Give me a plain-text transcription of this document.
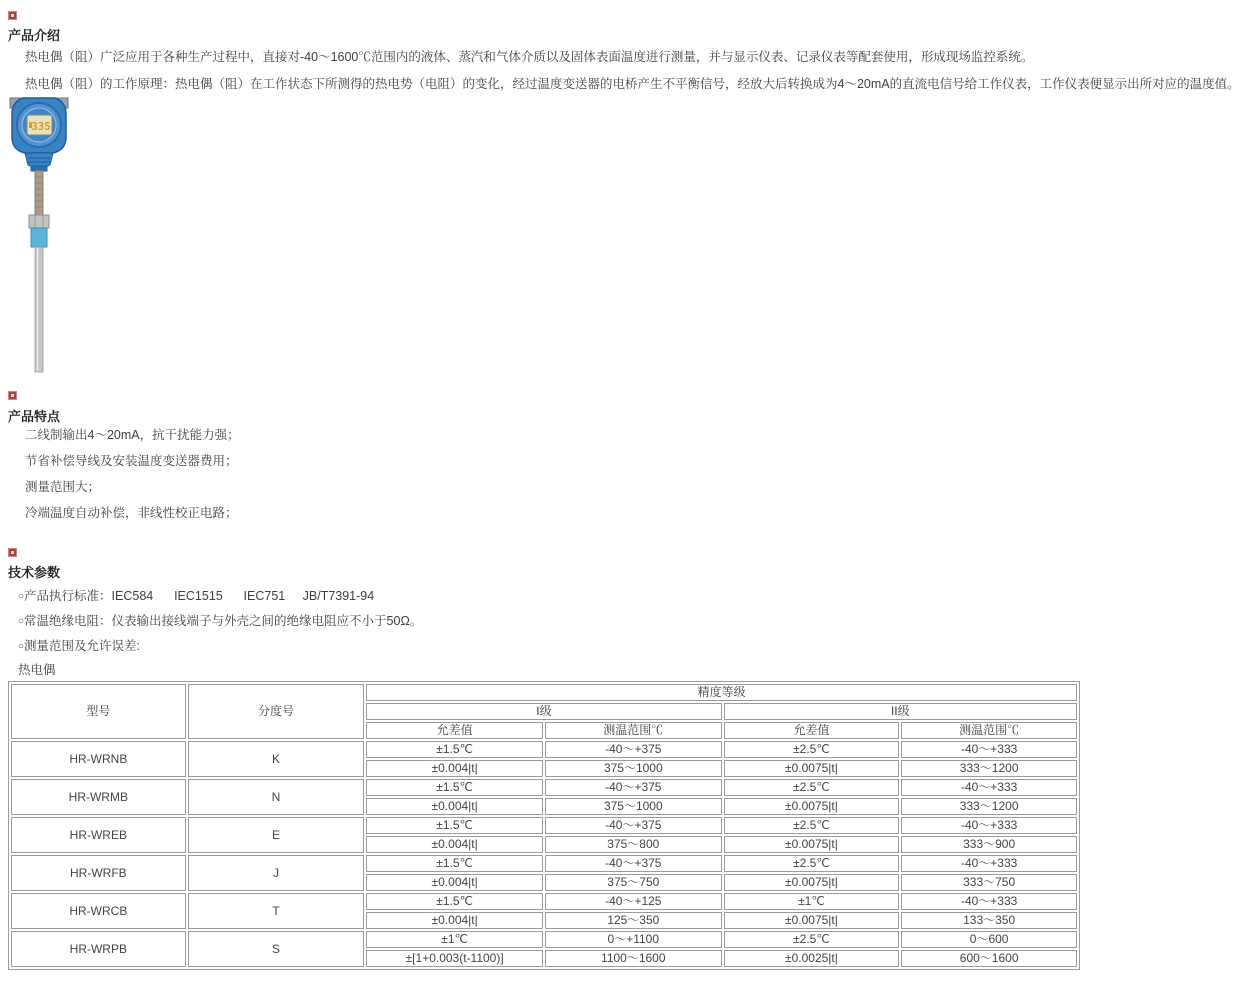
产品介绍
热电偶（阻）广泛应用于各种生产过程中，直接对-40～1600℃范围内的液体、蒸汽和气体介质以及固体表面温度进行测量，并与显示仪表、记录仪表等配套使用，形成现场监控系统。
热电偶（阻）的工作原理：热电偶（阻）在工作状态下所测得的热电势（电阻）的变化，经过温度变送器的电桥产生不平衡信号，经放大后转换成为4～20mA的直流电信号给工作仪表，工作仪表便显示出所对应的温度值。
335
产品特点
二线制输出4～20mA，抗干扰能力强；
节省补偿导线及安装温度变送器费用；
测量范围大；
冷端温度自动补偿，非线性校正电路；
技术参数
○产品执行标准：IEC584      IEC1515      IEC751     JB/T7391-94
○常温绝缘电阻：仪表输出接线端子与外壳之间的绝缘电阻应不小于50Ω。
○测量范围及允许误差:
热电偶
型号	分度号	精度等级			
		I级		II级	
		允差值	测温范围℃	允差值	测温范围℃
HR-WRNB	K	±1.5℃	-40～+375	±2.5℃	-40～+333
		±0.004|t|	375～1000	±0.0075|t|	333～1200
HR-WRMB	N	±1.5℃	-40～+375	±2.5℃	-40～+333
		±0.004|t|	375～1000	±0.0075|t|	333～1200
HR-WREB	E	±1.5℃	-40～+375	±2.5℃	-40～+333
		±0.004|t|	375～800	±0.0075|t|	333～900
HR-WRFB	J	±1.5℃	-40～+375	±2.5℃	-40～+333
		±0.004|t|	375～750	±0.0075|t|	333～750
HR-WRCB	T	±1.5℃	-40～+125	±1℃	-40～+333
		±0.004|t|	125～350	±0.0075|t|	133～350
HR-WRPB	S	±1℃	0～+1100	±2.5℃	0～600
		±[1+0.003(t-1100)]	1100～1600	±0.0025|t|	600～1600
